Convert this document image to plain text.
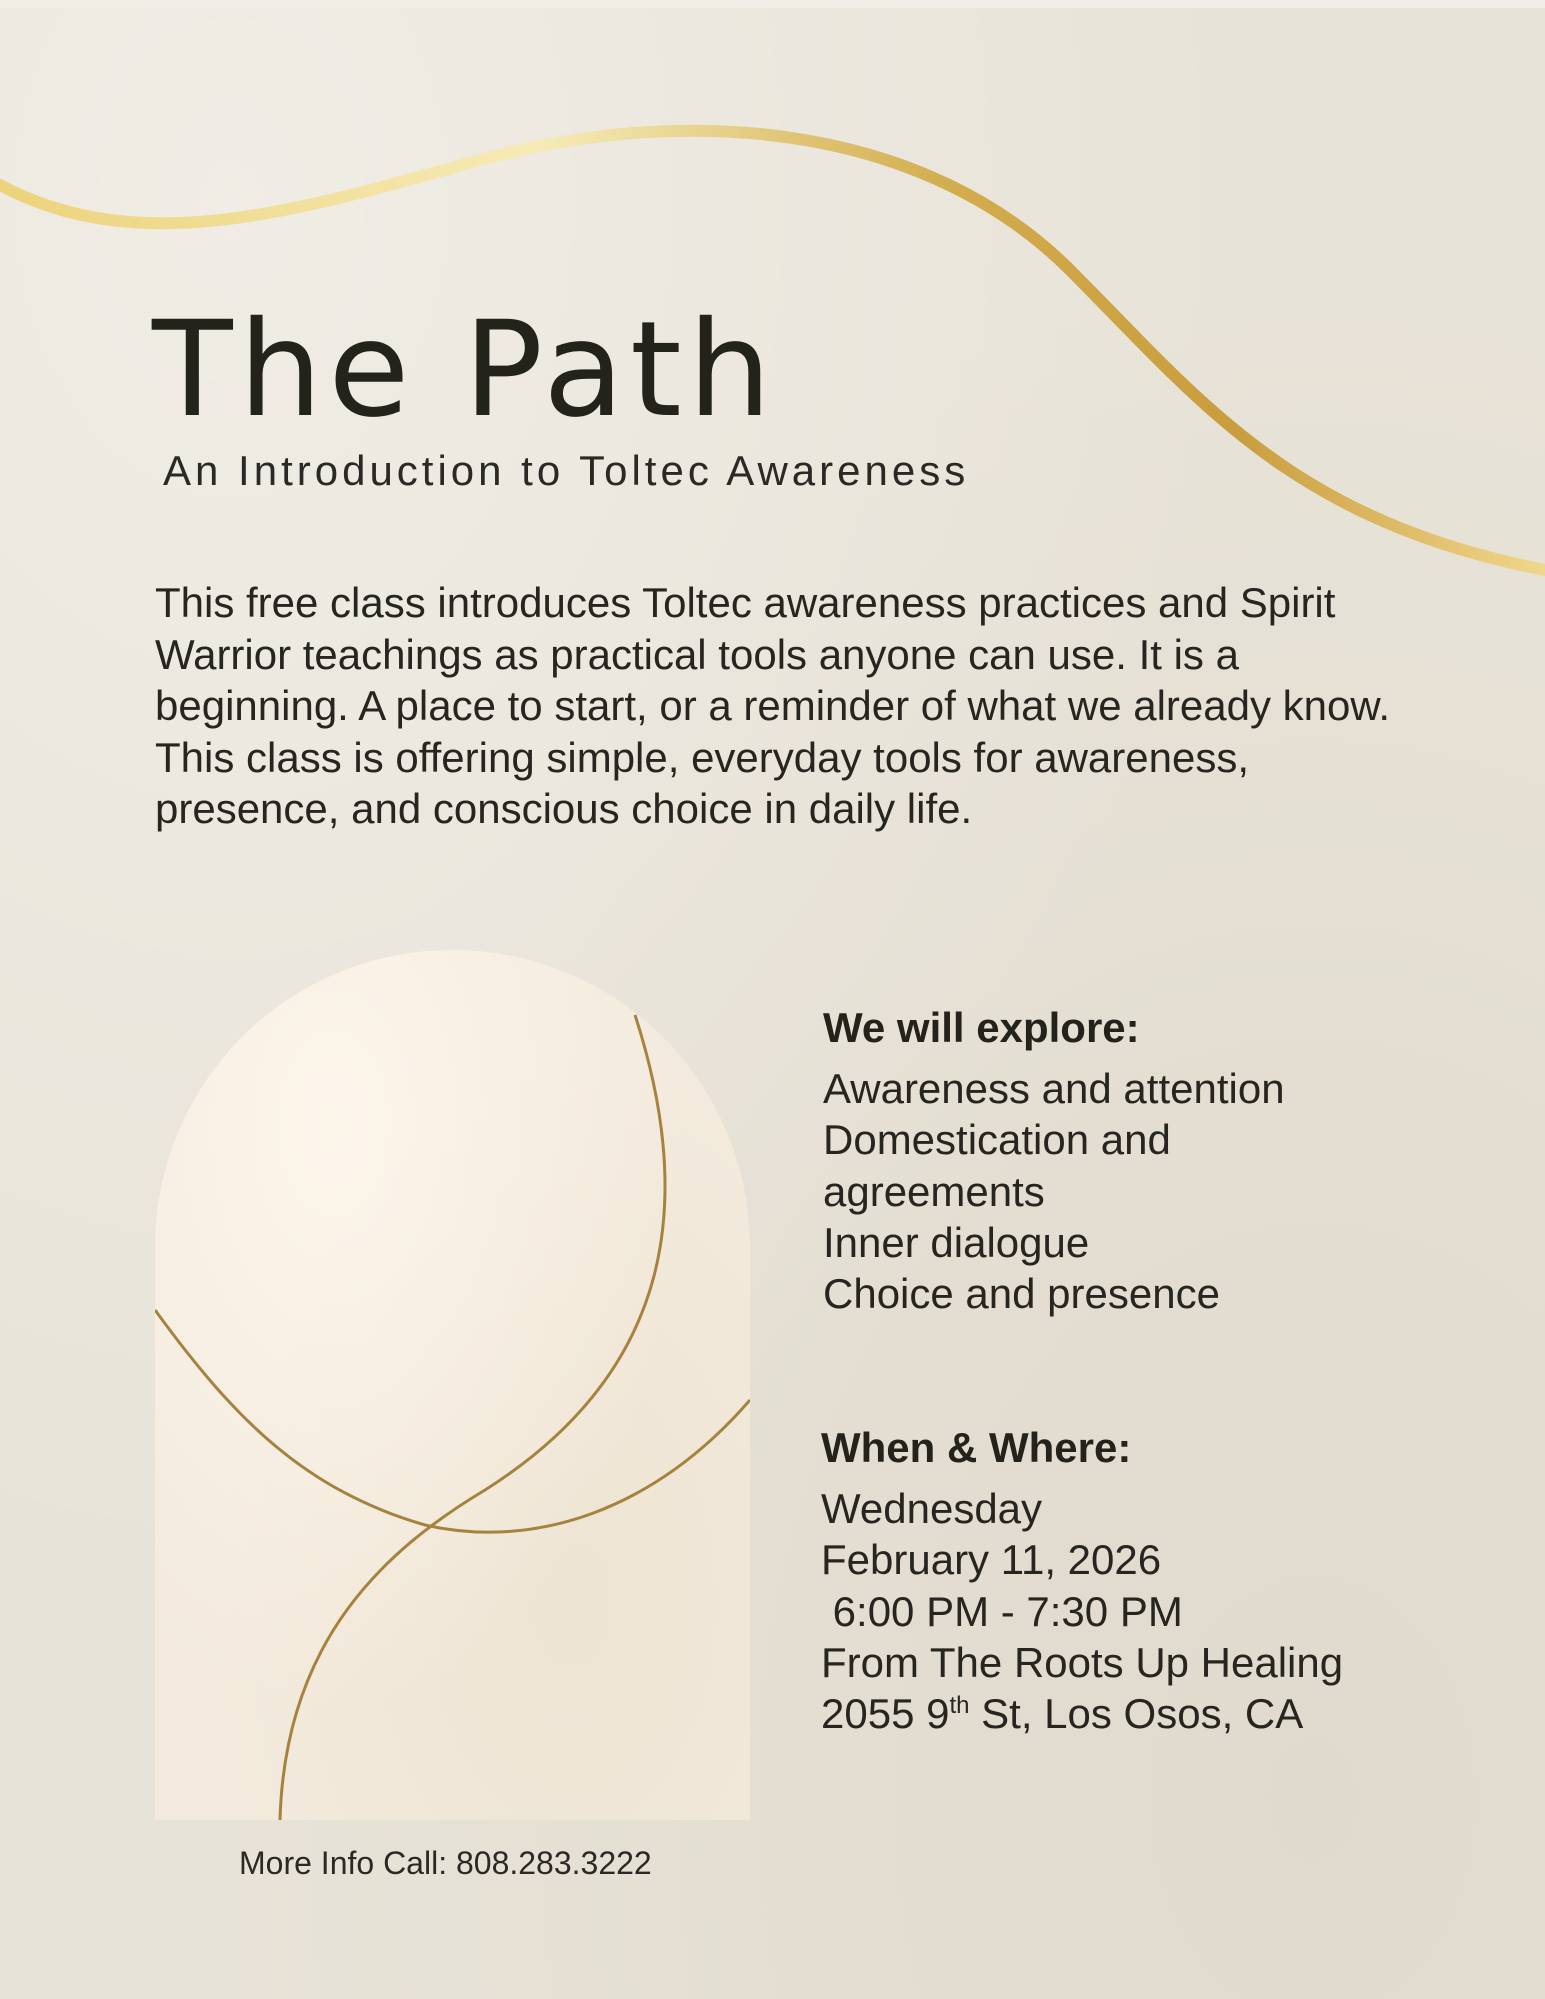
The Path
An Introduction to Toltec Awareness

This free class introduces Toltec awareness practices and Spirit Warrior teachings as practical tools anyone can use. It is a beginning. A place to start, or a reminder of what we already know. This class is offering simple, everyday tools for awareness, presence, and conscious choice in daily life.

We will explore:
Awareness and attention
Domestication and agreements
Inner dialogue
Choice and presence
When & Where:
Wednesday
February 11, 2026
6:00 PM - 7:30 PM
From The Roots Up Healing
2055 9th St, Los Osos, CA

More Info Call: 808.283.3222
